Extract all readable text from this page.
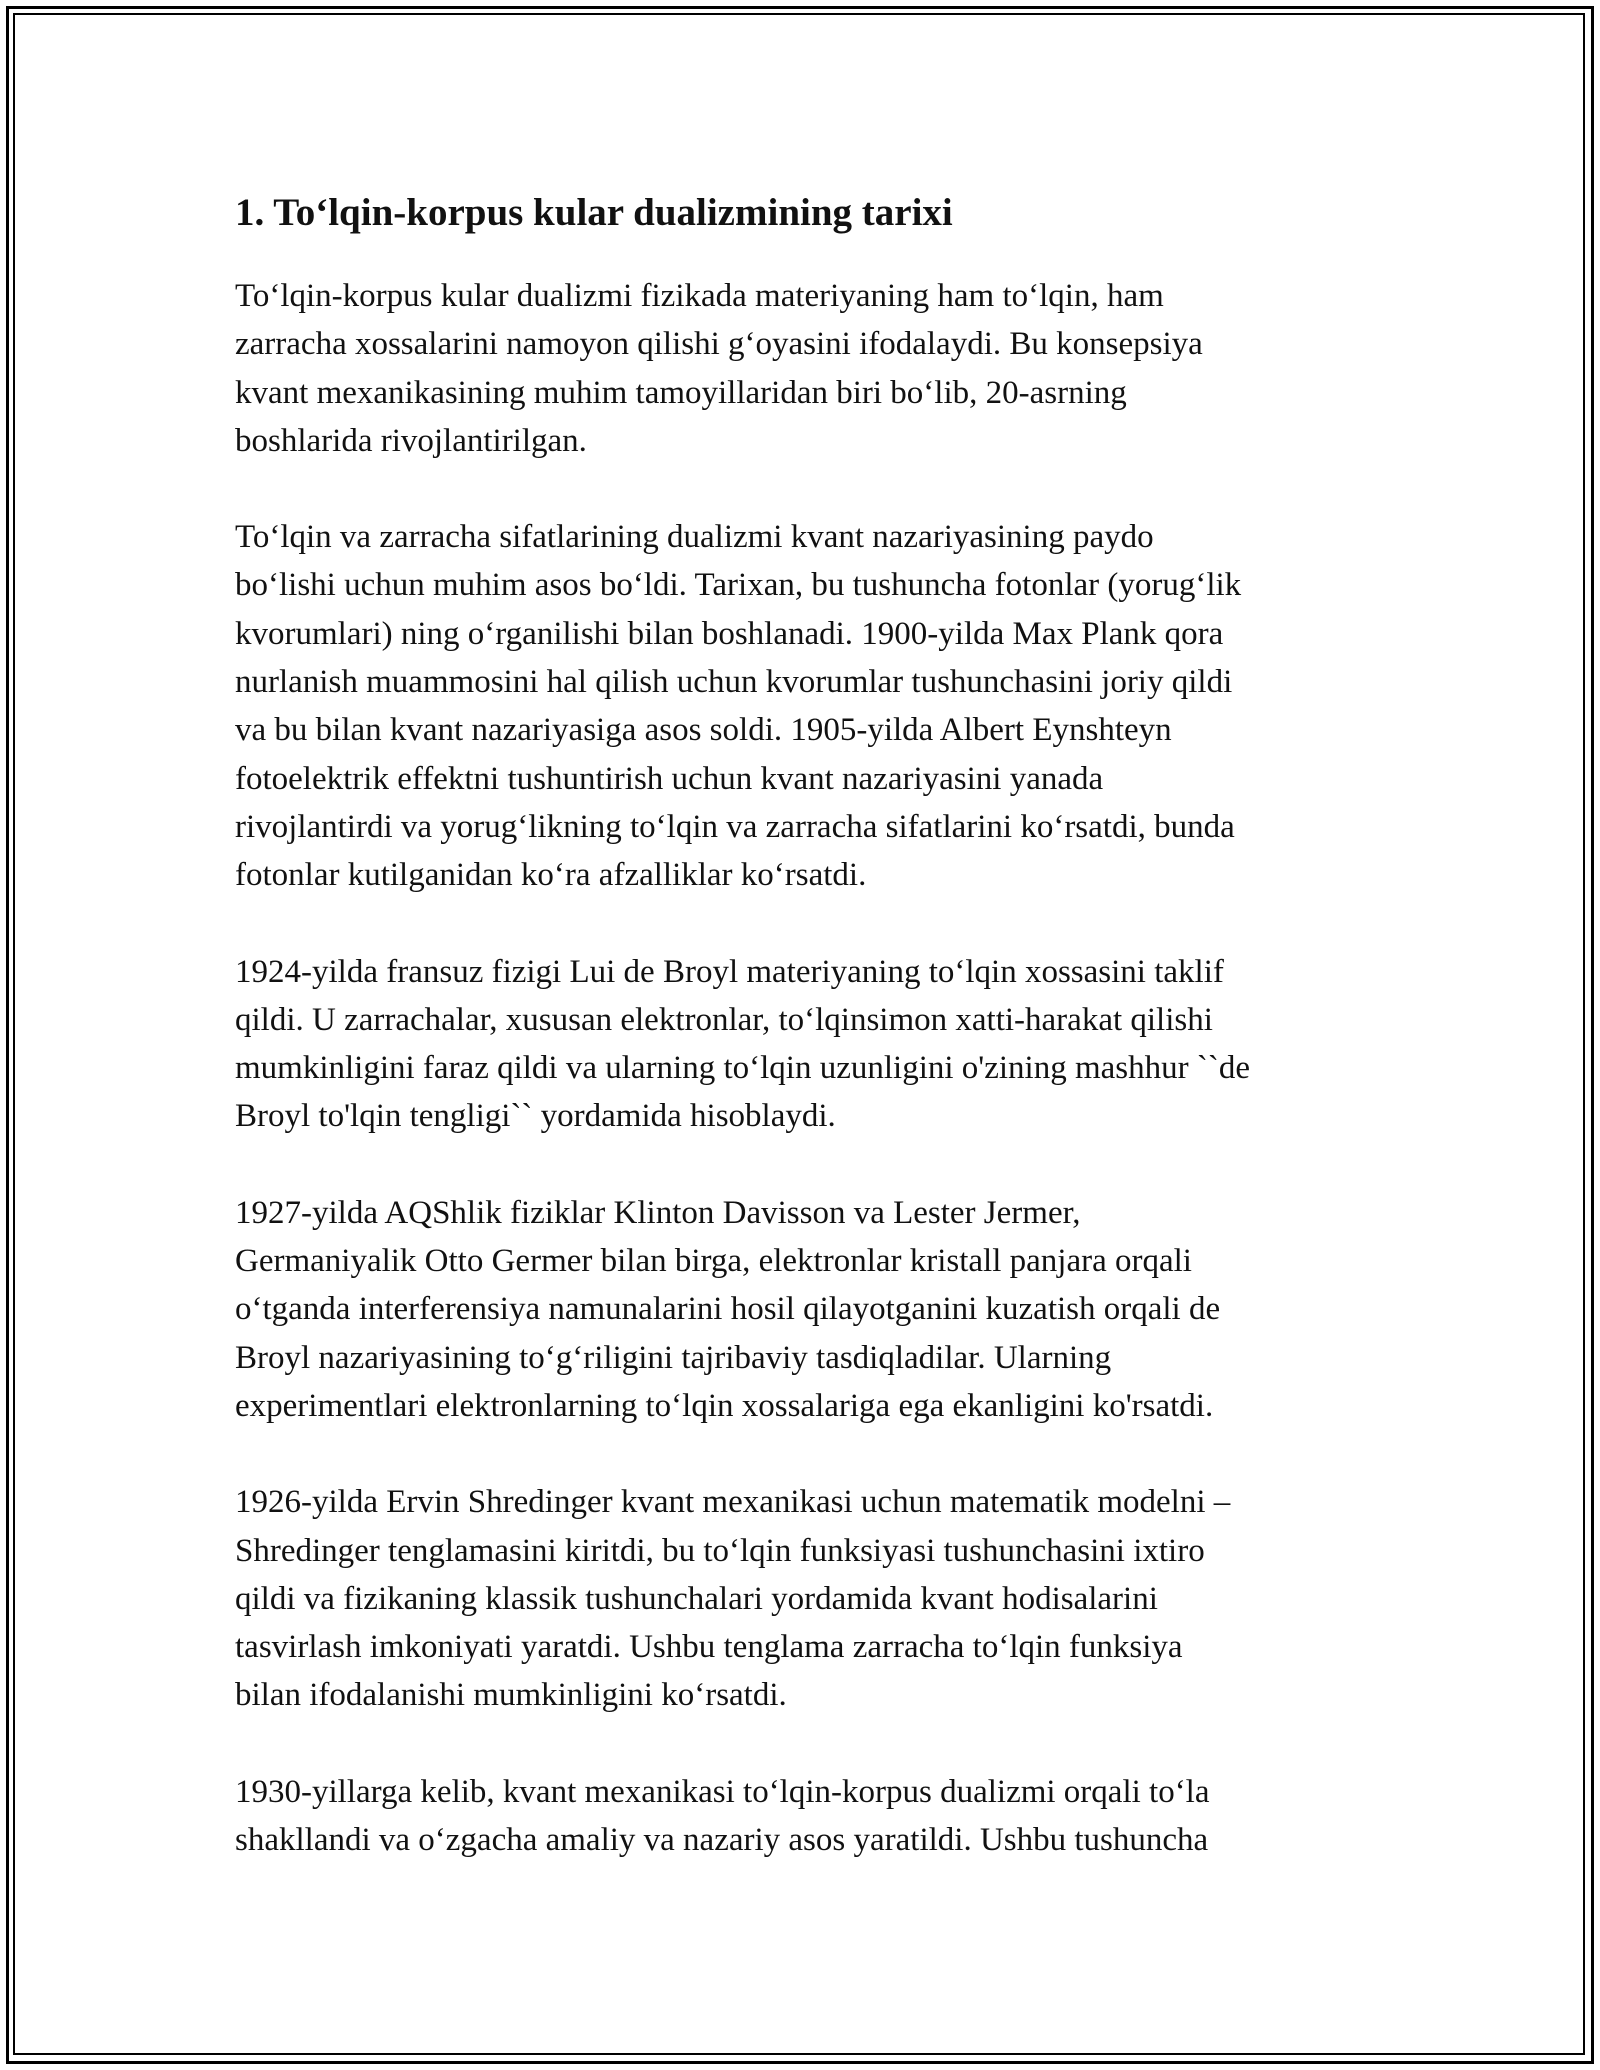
1. To‘lqin-korpus kular dualizmining tarixi

To‘lqin-korpus kular dualizmi fizikada materiyaning ham to‘lqin, ham
zarracha xossalarini namoyon qilishi g‘oyasini ifodalaydi. Bu konsepsiya
kvant mexanikasining muhim tamoyillaridan biri bo‘lib, 20-asrning
boshlarida rivojlantirilgan.

To‘lqin va zarracha sifatlarining dualizmi kvant nazariyasining paydo
bo‘lishi uchun muhim asos bo‘ldi. Tarixan, bu tushuncha fotonlar (yorug‘lik
kvorumlari) ning o‘rganilishi bilan boshlanadi. 1900-yilda Max Plank qora
nurlanish muammosini hal qilish uchun kvorumlar tushunchasini joriy qildi
va bu bilan kvant nazariyasiga asos soldi. 1905-yilda Albert Eynshteyn
fotoelektrik effektni tushuntirish uchun kvant nazariyasini yanada
rivojlantirdi va yorug‘likning to‘lqin va zarracha sifatlarini ko‘rsatdi, bunda
fotonlar kutilganidan ko‘ra afzalliklar ko‘rsatdi.

1924-yilda fransuz fizigi Lui de Broyl materiyaning to‘lqin xossasini taklif
qildi. U zarrachalar, xususan elektronlar, to‘lqinsimon xatti-harakat qilishi
mumkinligini faraz qildi va ularning to‘lqin uzunligini o'zining mashhur ``de
Broyl to'lqin tengligi`` yordamida hisoblaydi.

1927-yilda AQShlik fiziklar Klinton Davisson va Lester Jermer,
Germaniyalik Otto Germer bilan birga, elektronlar kristall panjara orqali
o‘tganda interferensiya namunalarini hosil qilayotganini kuzatish orqali de
Broyl nazariyasining to‘g‘riligini tajribaviy tasdiqladilar. Ularning
experimentlari elektronlarning to‘lqin xossalariga ega ekanligini ko'rsatdi.

1926-yilda Ervin Shredinger kvant mexanikasi uchun matematik modelni –
Shredinger tenglamasini kiritdi, bu to‘lqin funksiyasi tushunchasini ixtiro
qildi va fizikaning klassik tushunchalari yordamida kvant hodisalarini
tasvirlash imkoniyati yaratdi. Ushbu tenglama zarracha to‘lqin funksiya
bilan ifodalanishi mumkinligini ko‘rsatdi.

1930-yillarga kelib, kvant mexanikasi to‘lqin-korpus dualizmi orqali to‘la
shakllandi va o‘zgacha amaliy va nazariy asos yaratildi. Ushbu tushuncha
